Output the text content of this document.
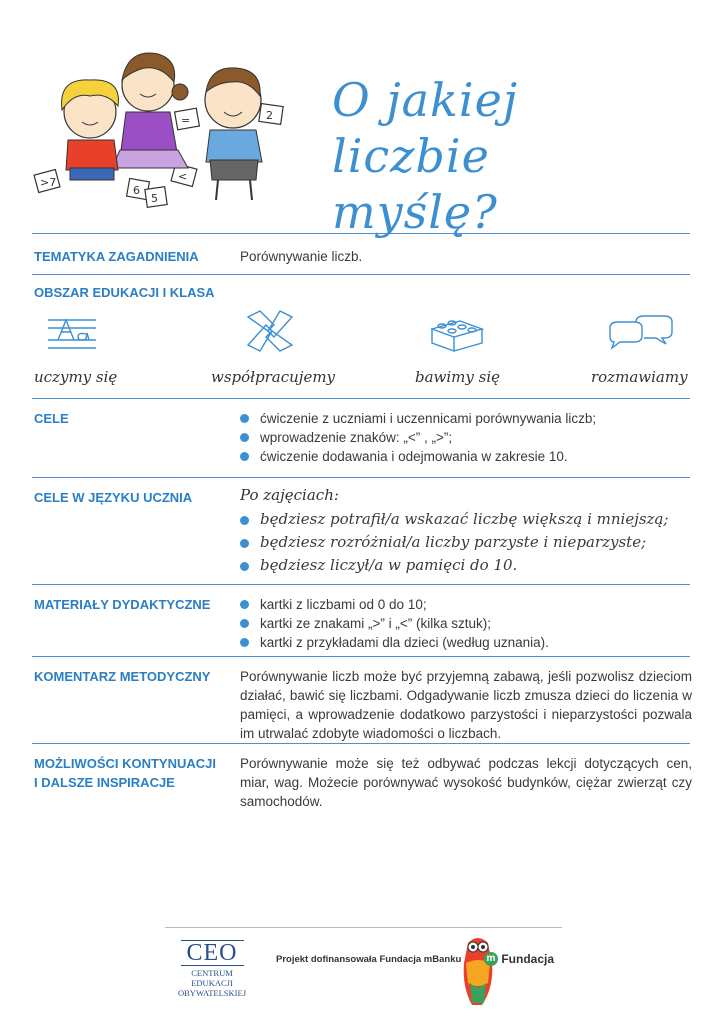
>7
6
5
<
=	2 O jakiej
liczbie myślę?
TEMATYKA ZAGADNIENIA	Porównywanie liczb.
OBSZAR EDUKACJI I KLASA
uczymy się	współpracujemy	bawimy się	rozmawiamy
CELE	ćwiczenie z uczniami i uczennicami porównywania liczb;
wprowadzenie znaków: „<” , „>”;
ćwiczenie dodawania i odejmowania w zakresie 10.
CELE W JĘZYKU UCZNIA	Po zajęciach:
będziesz potrafił/a wskazać liczbę większą i mniejszą;
będziesz rozróżniał/a liczby parzyste i nieparzyste;
będziesz liczył/a w pamięci do 10.
MATERIAŁY DYDAKTYCZNE	kartki z liczbami od 0 do 10;
kartki ze znakami „>” i „<” (kilka sztuk);
kartki z przykładami dla dzieci (według uznania).
KOMENTARZ METODYCZNY Porównywanie liczb może być przyjemną zabawą, jeśli pozwolisz dzieciom działać, bawić się liczbami. Odgadywanie liczb zmusza dzieci do liczenia w pamięci, a wprowadzenie dodatkowo parzystości i nieparzystości pozwala im utrwalać zdobyte wiadomości o liczbach.
MOŻLIWOŚCI KONTYNUACJI
I DALSZE INSPIRACJE
Porównywanie może się też odbywać podczas lekcji dotyczących cen, miar, wag. Możecie porównywać wysokość budynków, ciężar zwierząt czy samochodów.
CEO
CENTRUM EDUKACJI
OBYWATELSKIEJ
Projekt dofinansowała Fundacja mBanku	m Fundacja
